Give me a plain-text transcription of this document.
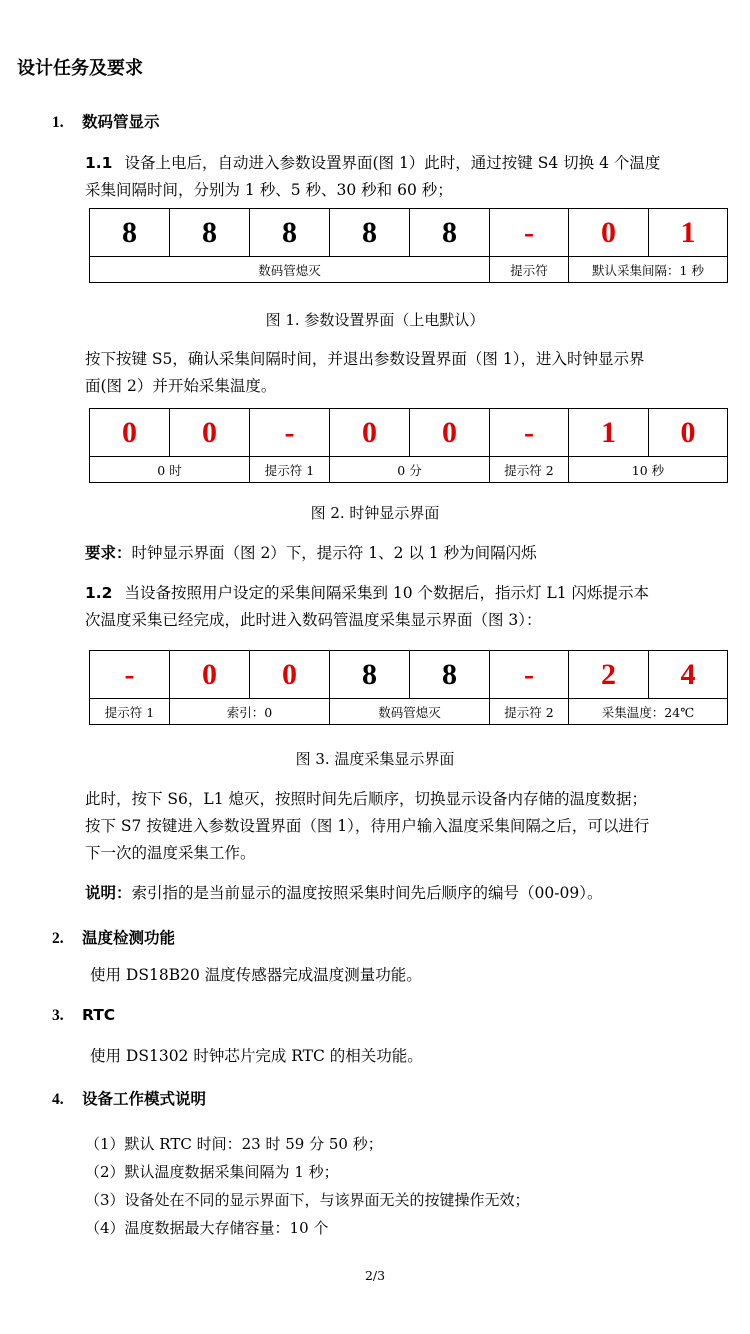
设计任务及要求
1. 数码管显示
1.1 设备上电后，自动进入参数设置界面(图 1）此时，通过按键 S4 切换 4 个温度
采集间隔时间，分别为 1 秒、5 秒、30 秒和 60 秒；
8	8	8	8	8	-	0	1
数码管熄灭					提示符	默认采集间隔：1 秒	
图 1. 参数设置界面（上电默认）
按下按键 S5，确认采集间隔时间，并退出参数设置界面（图 1），进入时钟显示界
面(图 2）并开始采集温度。
0	0	-	0	0	-	1	0
0 时		提示符 1	0 分		提示符 2	10 秒	
图 2. 时钟显示界面
要求：时钟显示界面（图 2）下，提示符 1、2 以 1 秒为间隔闪烁
1.2 当设备按照用户设定的采集间隔采集到 10 个数据后，指示灯 L1 闪烁提示本
次温度采集已经完成，此时进入数码管温度采集显示界面（图 3）：
-	0	0	8	8	-	2	4
提示符 1	索引：0		数码管熄灭		提示符 2	采集温度：24℃	
图 3. 温度采集显示界面
此时，按下 S6，L1 熄灭，按照时间先后顺序，切换显示设备内存储的温度数据；
按下 S7 按键进入参数设置界面（图 1），待用户输入温度采集间隔之后，可以进行
下一次的温度采集工作。
说明：索引指的是当前显示的温度按照采集时间先后顺序的编号（00-09）。
2. 温度检测功能
使用 DS18B20 温度传感器完成温度测量功能。
3. RTC
使用 DS1302 时钟芯片完成 RTC 的相关功能。
4. 设备工作模式说明
（1）默认 RTC 时间：23 时 59 分 50 秒；
（2）默认温度数据采集间隔为 1 秒；
（3）设备处在不同的显示界面下，与该界面无关的按键操作无效；
（4）温度数据最大存储容量：10 个
2/3
